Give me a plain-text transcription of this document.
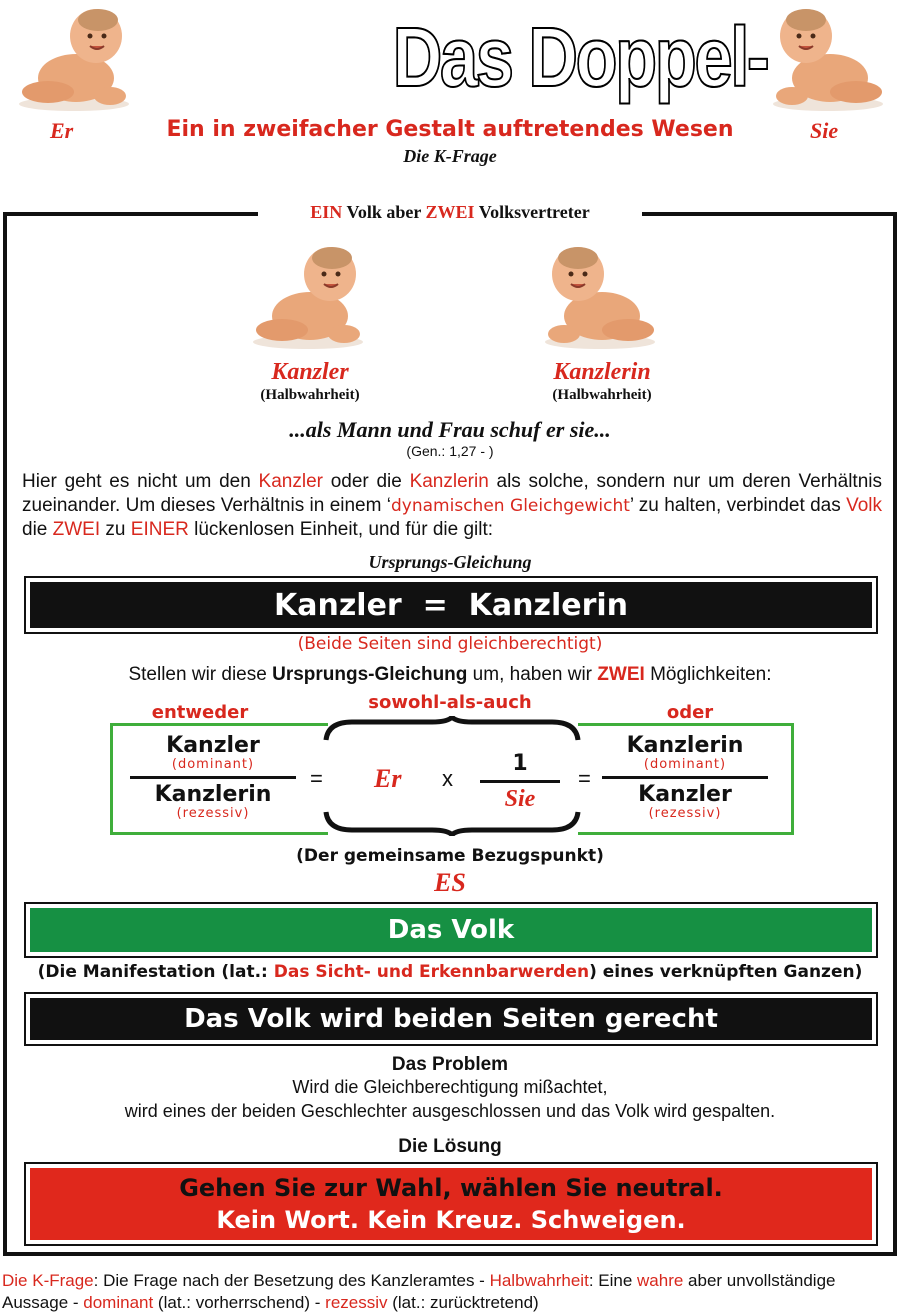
Das Doppel-
Er	Sie
Ein in zweifacher Gestalt auftretendes Wesen
Die K-Frage
EIN Volk aber ZWEI Volksvertreter
Kanzler
(Halbwahrheit)
Kanzlerin
(Halbwahrheit)
...als Mann und Frau schuf er sie...
(Gen.: 1,27 - )
Hier geht es nicht um den Kanzler oder die Kanzlerin als solche, sondern nur um deren Verhältnis zueinander. Um dieses Verhältnis in einem ‘dynamischen Gleichgewicht’ zu halten, verbindet das Volk die ZWEI zu EINER lückenlosen Einheit, und für die gilt:
Ursprungs-Gleichung
Kanzler  =  Kanzlerin
(Beide Seiten sind gleichberechtigt)
Stellen wir diese Ursprungs-Gleichung um, haben wir ZWEI Möglichkeiten:
entweder	sowohl-als-auch	oder
Kanzler
(dominant)
Kanzlerin
(rezessiv)
= Er x
1
Sie
=
Kanzlerin
(dominant)
Kanzler
(rezessiv)
(Der gemeinsame Bezugspunkt)
ES
Das Volk
(Die Manifestation (lat.: Das Sicht- und Erkennbarwerden) eines verknüpften Ganzen)
Das Volk wird beiden Seiten gerecht
Das Problem
Wird die Gleichberechtigung mißachtet,
wird eines der beiden Geschlechter ausgeschlossen und das Volk wird gespalten.
Die Lösung
Gehen Sie zur Wahl, wählen Sie neutral.
Kein Wort. Kein Kreuz. Schweigen.
Die K-Frage: Die Frage nach der Besetzung des Kanzleramtes - Halbwahrheit: Eine wahre aber unvollständige Aussage - dominant (lat.: vorherrschend) - rezessiv (lat.: zurücktretend)
